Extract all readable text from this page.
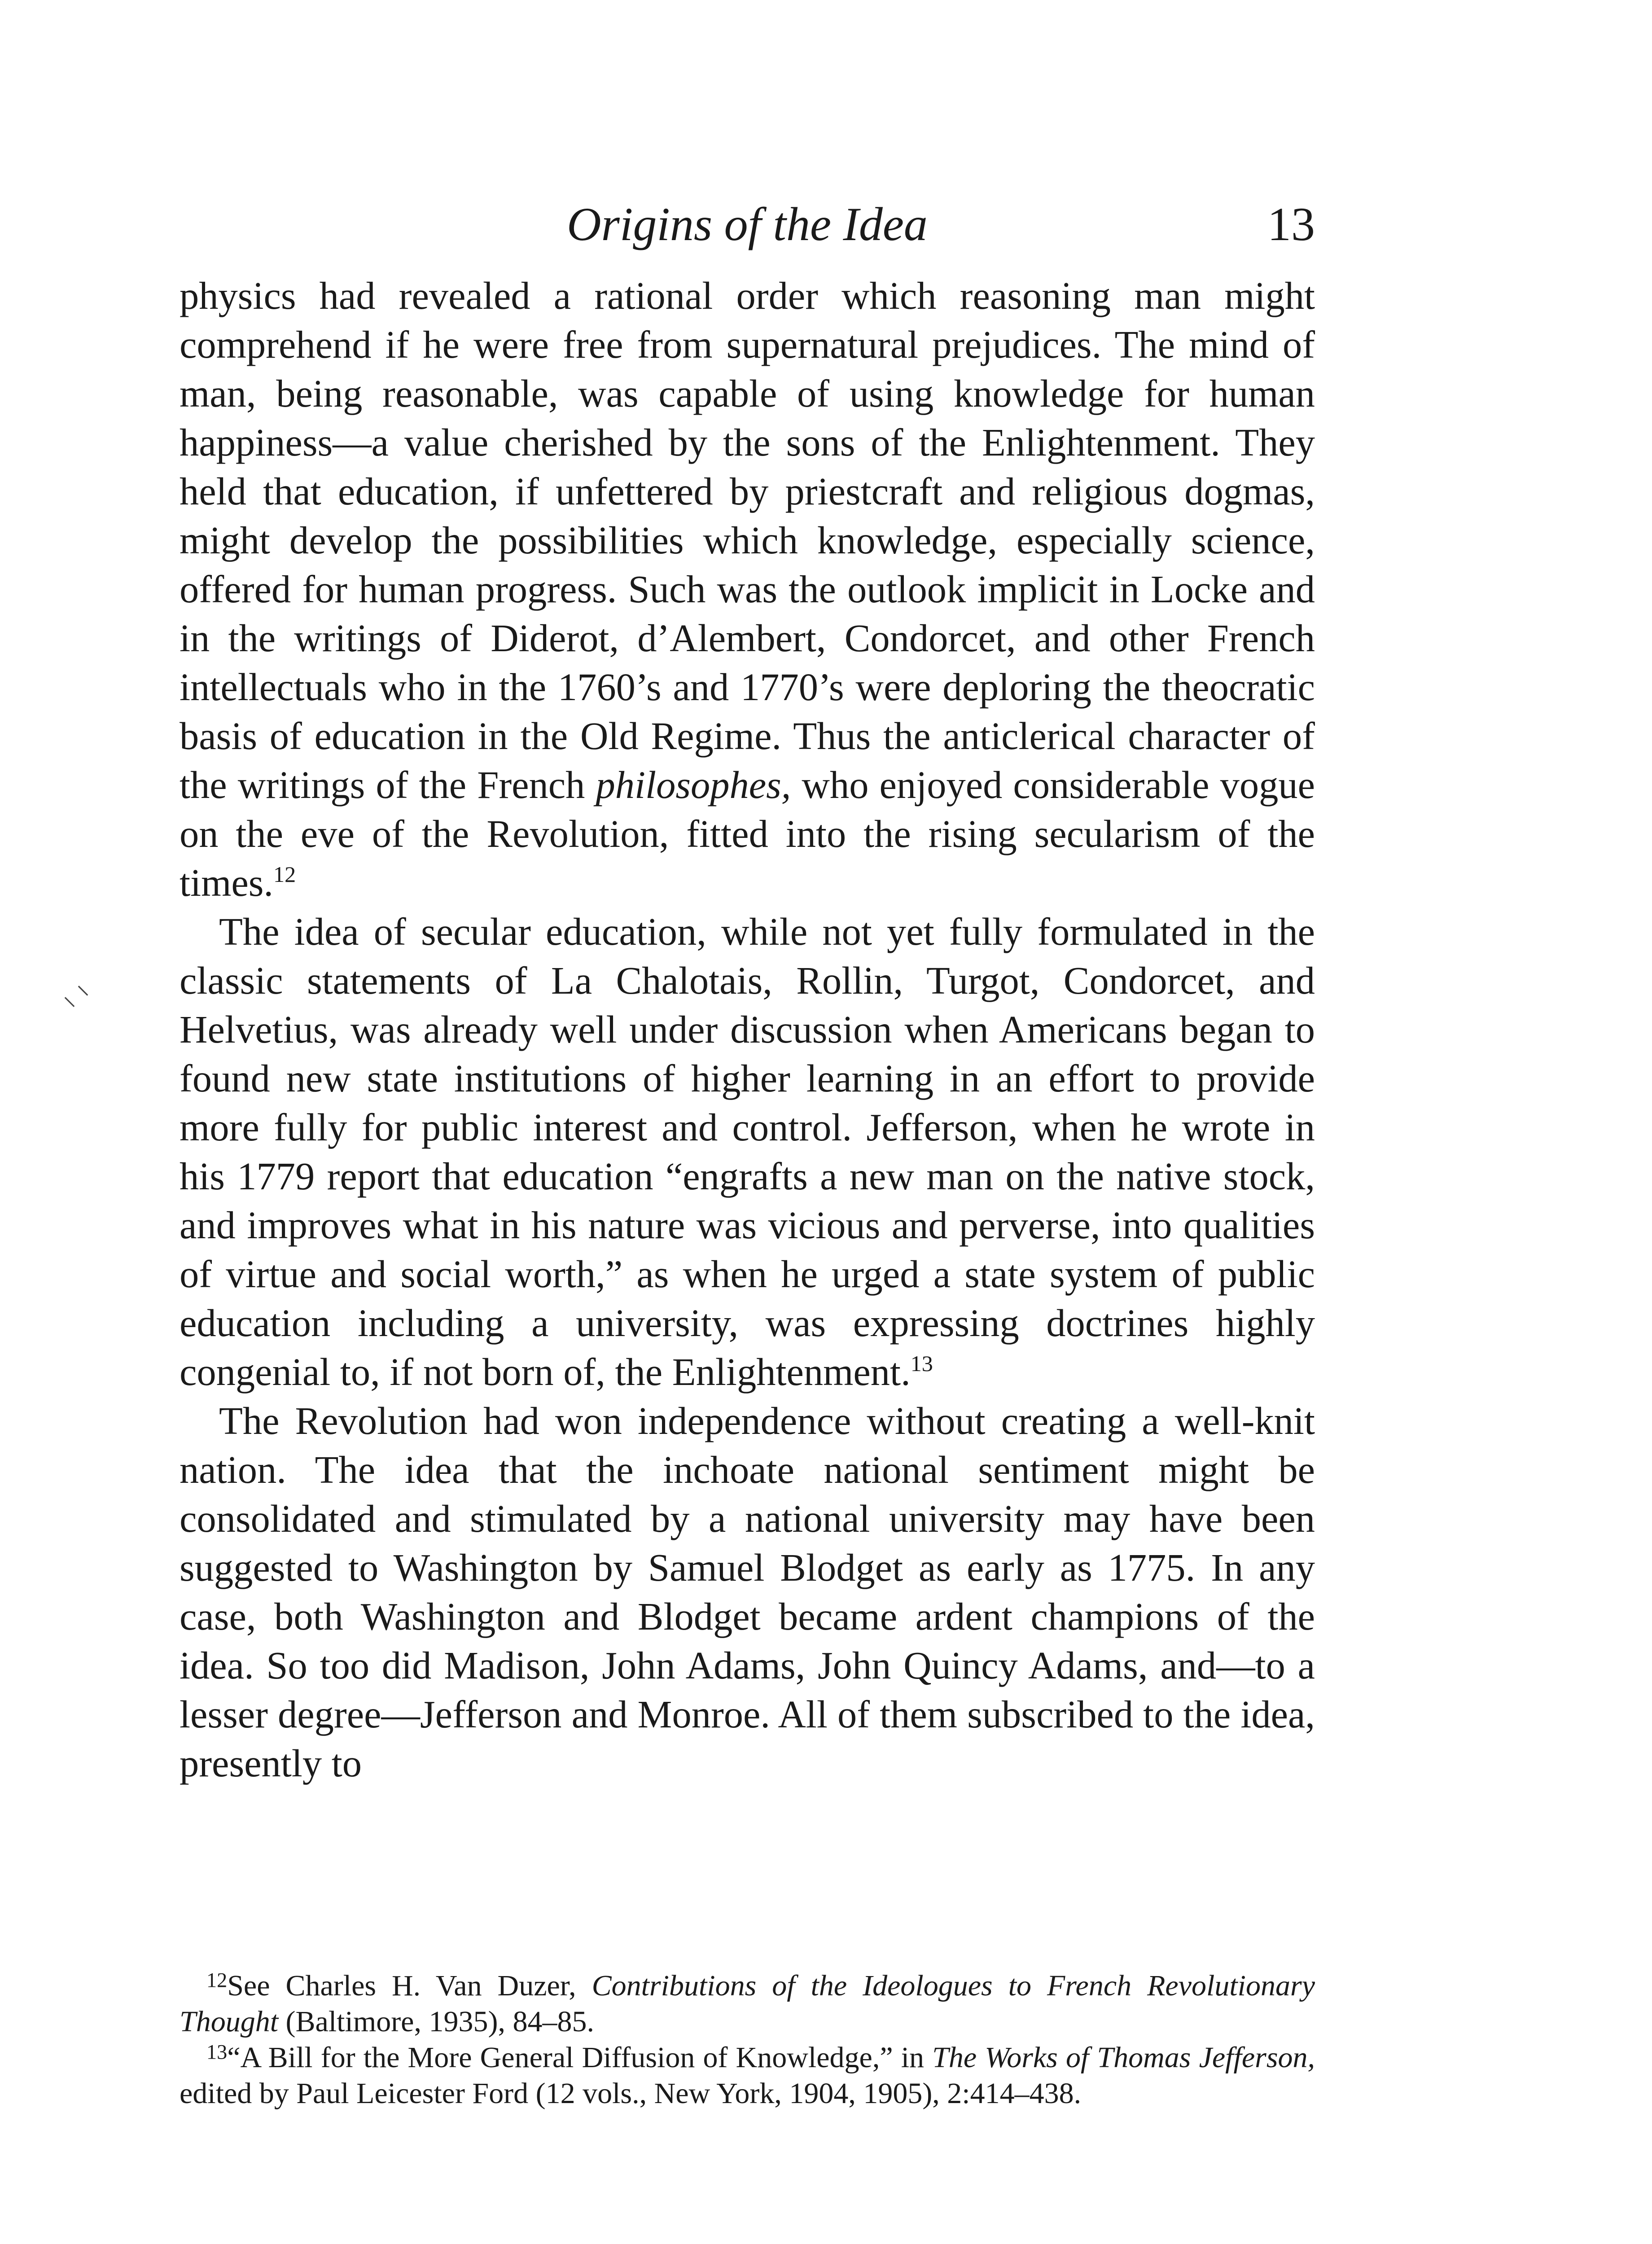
Origins of the Idea	13

physics had revealed a rational order which reasoning man might comprehend if he were free from supernatural prejudices. The mind of man, being reasonable, was capable of using knowledge for human happiness—a value cherished by the sons of the Enlightenment. They held that education, if unfettered by priestcraft and religious dogmas, might develop the possibilities which knowledge, especially science, offered for human progress. Such was the outlook implicit in Locke and in the writings of Diderot, d’Alembert, Condorcet, and other French intellectuals who in the 1760’s and 1770’s were deploring the theocratic basis of education in the Old Regime. Thus the anticlerical character of the writings of the French philosophes, who enjoyed considerable vogue on the eve of the Revolution, fitted into the rising secularism of the times.$^{12}$

The idea of secular education, while not yet fully formulated in the classic statements of La Chalotais, Rollin, Turgot, Condorcet, and Helvetius, was already well under discussion when Americans began to found new state institutions of higher learning in an effort to provide more fully for public interest and control. Jefferson, when he wrote in his 1779 report that education “engrafts a new man on the native stock, and improves what in his nature was vicious and perverse, into qualities of virtue and social worth,” as when he urged a state system of public education including a university, was expressing doctrines highly congenial to, if not born of, the Enlightenment.$^{13}$

The Revolution had won independence without creating a well-knit nation. The idea that the inchoate national sentiment might be consolidated and stimulated by a national university may have been suggested to Washington by Samuel Blodget as early as 1775. In any case, both Washington and Blodget became ardent champions of the idea. So too did Madison, John Adams, John Quincy Adams, and—to a lesser degree—Jefferson and Monroe. All of them subscribed to the idea, presently to

$^{12}$See Charles H. Van Duzer, Contributions of the Ideologues to French Revolutionary Thought (Baltimore, 1935), 84–85.

$^{13}$“A Bill for the More General Diffusion of Knowledge,” in The Works of Thomas Jefferson, edited by Paul Leicester Ford (12 vols., New York, 1904, 1905), 2:414–438.

⸜⸌
